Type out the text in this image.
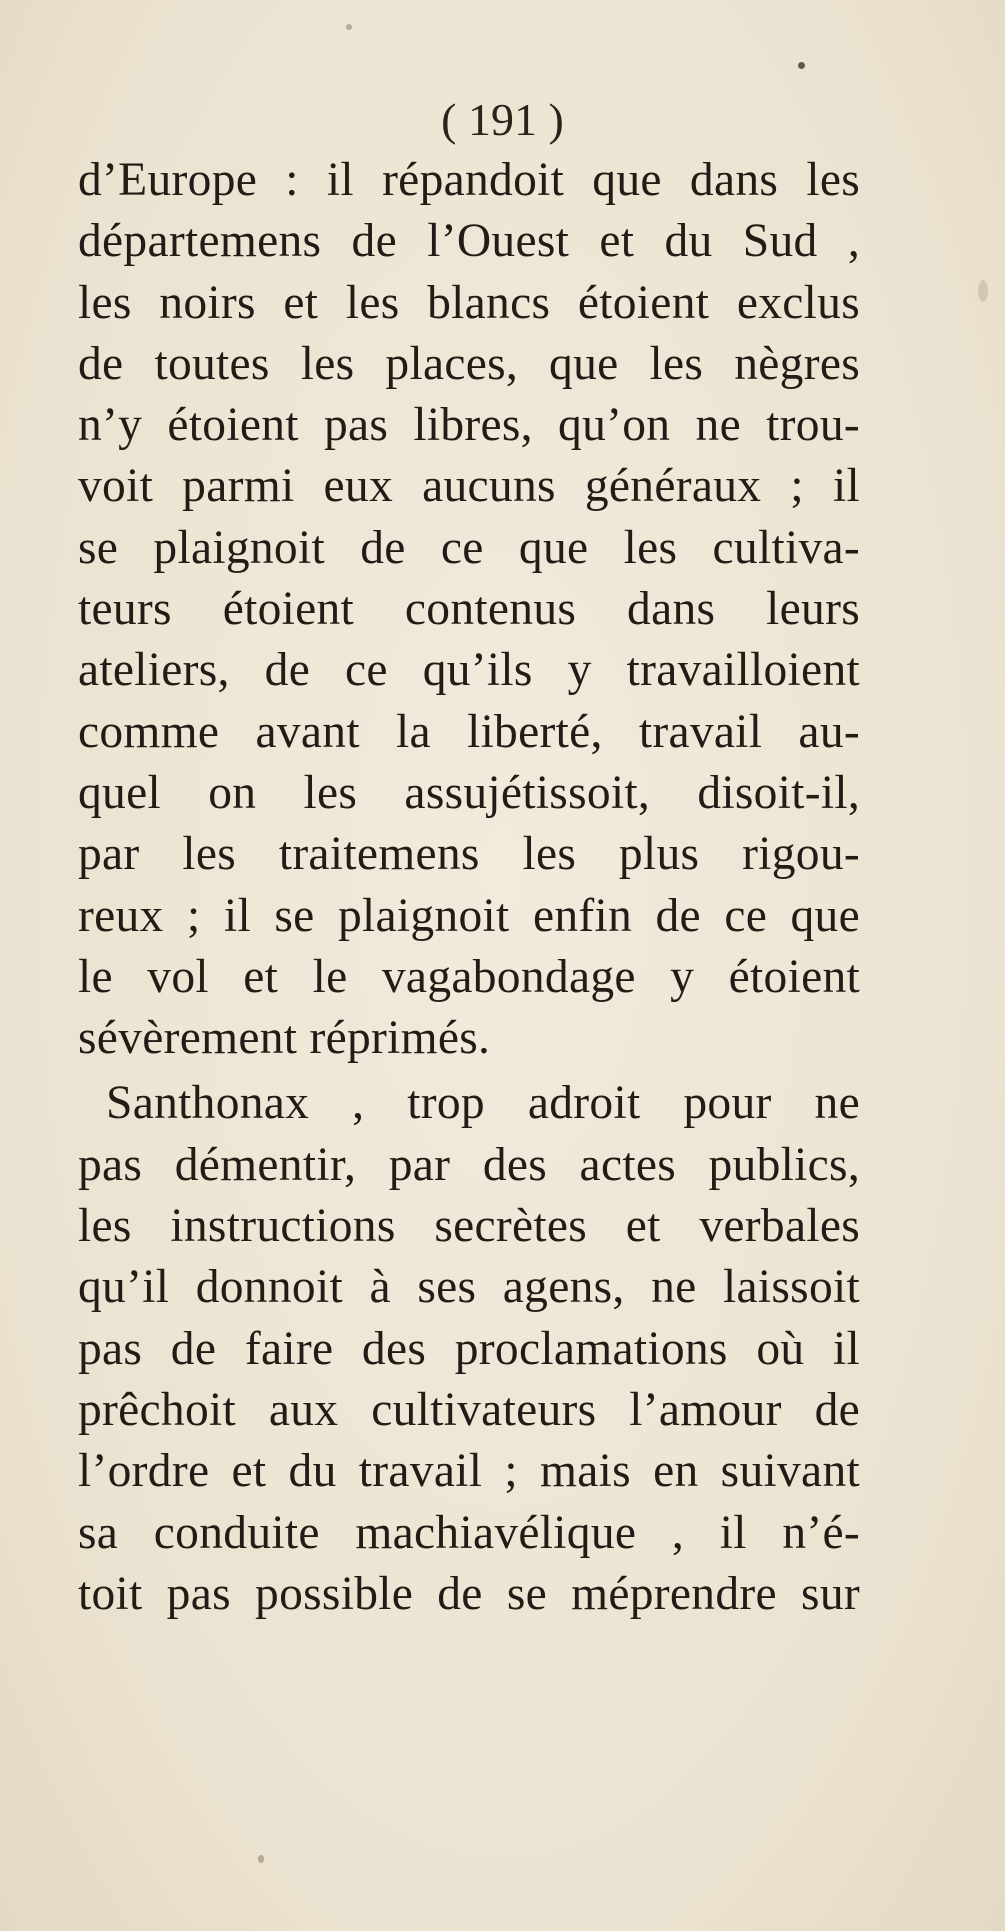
( 191 )
d’Europe : il répandoit que dans les
départemens de l’Ouest et du Sud ,
les noirs et les blancs étoient exclus
de toutes les places, que les nègres
n’y étoient pas libres, qu’on ne trou-
voit parmi eux aucuns généraux ; il
se plaignoit de ce que les cultiva-
teurs étoient contenus dans leurs
ateliers, de ce qu’ils y travailloient
comme avant la liberté, travail au-
quel on les assujétissoit, disoit-il,
par les traitemens les plus rigou-
reux ; il se plaignoit enfin de ce que
le vol et le vagabondage y étoient
sévèrement réprimés.
Santhonax , trop adroit pour ne
pas démentir, par des actes publics,
les instructions secrètes et verbales
qu’il donnoit à ses agens, ne laissoit
pas de faire des proclamations où il
prêchoit aux cultivateurs l’amour de
l’ordre et du travail ; mais en suivant
sa conduite machiavélique , il n’é-
toit pas possible de se méprendre sur
